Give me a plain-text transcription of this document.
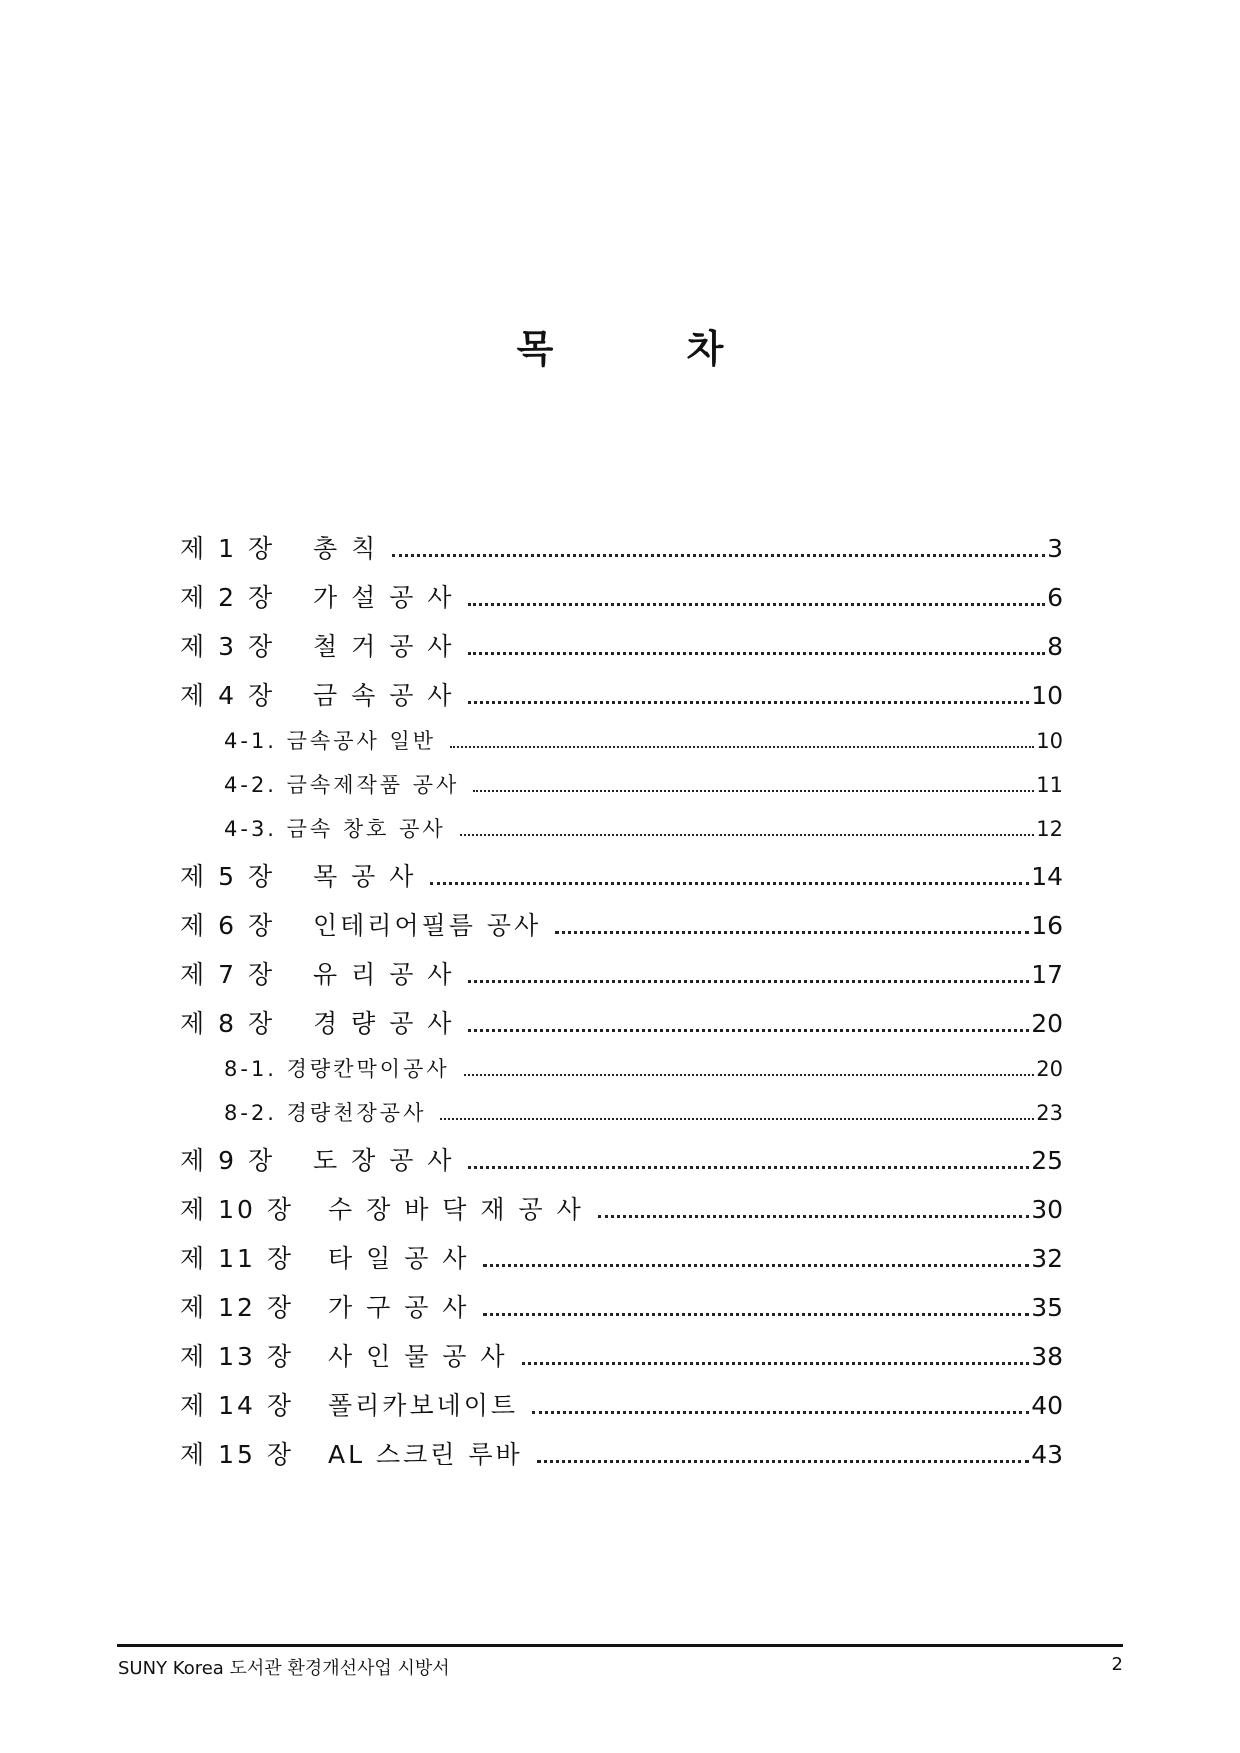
목 차
제 1 장	총 칙	3
제 2 장	가 설 공 사	6
제 3 장	철 거 공 사	8
제 4 장	금 속 공 사	10
4-1. 금속공사 일반	10
4-2. 금속제작품 공사	11
4-3. 금속 창호 공사	12
제 5 장	목 공 사	14
제 6 장	인테리어필름 공사	16
제 7 장	유 리 공 사	17
제 8 장	경 량 공 사	20
8-1. 경량칸막이공사	20
8-2. 경량천장공사	23
제 9 장	도 장 공 사	25
제 10 장	수 장 바 닥 재 공 사	30
제 11 장	타 일 공 사	32
제 12 장	가 구 공 사	35
제 13 장	사 인 물 공 사	38
제 14 장	폴리카보네이트	40
제 15 장	AL 스크린 루바	43
SUNY Korea 도서관 환경개선사업 시방서	2
